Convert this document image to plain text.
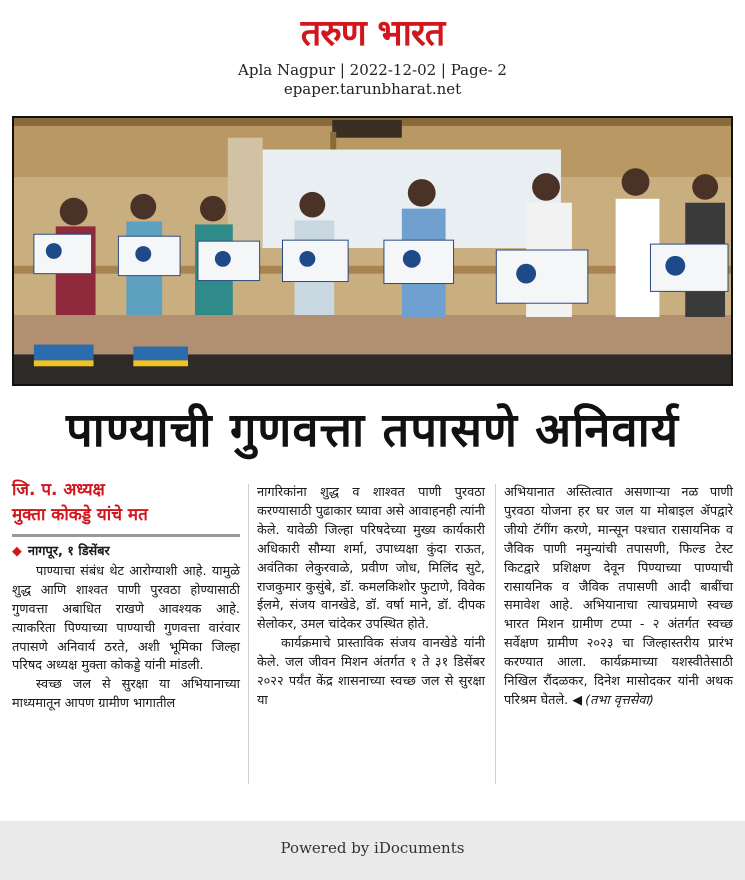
तरुण भारत
Apla Nagpur | 2022-12-02 | Page- 2
epaper.tarunbharat.net
पाण्याची गुणवत्ता तपासणे अनिवार्य
जि. प. अध्यक्ष
मुक्ता कोकड्डे यांचे मत
◆ नागपूर, १ डिसेंबर

पाण्याचा संबंध थेट आरोग्याशी आहे. यामुळे शुद्ध आणि शाश्वत पाणी पुरवठा होण्यासाठी गुणवत्ता अबाधित राखणे आवश्यक आहे. त्याकरिता पिण्याच्या पाण्याची गुणवत्ता वारंवार तपासणे अनिवार्य ठरते, अशी भूमिका जिल्हा परिषद अध्यक्ष मुक्ता कोकड्डे यांनी मांडली.

स्वच्छ जल से सुरक्षा या अभियानाच्या माध्यमातून आपण ग्रामीण भागातील

नागरिकांना शुद्ध व शाश्वत पाणी पुरवठा करण्यासाठी पुढाकार घ्यावा असे आवाहनही त्यांनी केले. यावेळी जिल्हा परिषदेच्या मुख्य कार्यकारी अधिकारी सौम्या शर्मा, उपाध्यक्षा कुंदा राऊत, अवंतिका लेकुरवाळे, प्रवीण जोध, मिलिंद सुटे, राजकुमार कुसुंबे, डॉ. कमलकिशोर फुटाणे, विवेक ईलमे, संजय वानखेडे, डॉ. वर्षा माने, डॉ. दीपक सेलोकर, उमल चांदेकर उपस्थित होते.

कार्यक्रमाचे प्रास्ताविक संजय वानखेडे यांनी केले. जल जीवन मिशन अंतर्गत १ ते ३१ डिसेंबर २०२२ पर्यंत केंद्र शासनाच्या स्वच्छ जल से सुरक्षा या

अभियानात अस्तित्वात असणाऱ्या नळ पाणी पुरवठा योजना हर घर जल या मोबाइल ॲपद्वारे जीयो टॅगींग करणे, मान्सून पश्चात रासायनिक व जैविक पाणी नमुन्यांची तपासणी, फिल्ड टेस्ट किटद्वारे प्रशिक्षण देवून पिण्याच्या पाण्याची रासायनिक व जैविक तपासणी आदी बाबींचा समावेश आहे. अभियानाचा त्याचप्रमाणे स्वच्छ भारत मिशन ग्रामीण टप्पा - २ अंतर्गत स्वच्छ सर्वेक्षण ग्रामीण २०२३ चा जिल्हास्तरीय प्रारंभ करण्यात आला. कार्यक्रमाच्या यशस्वीतेसाठी निखिल रौंदळकर, दिनेश मासोदकर यांनी अथक परिश्रम घेतले. ◀ (तभा वृत्तसेवा)

Powered by iDocuments
